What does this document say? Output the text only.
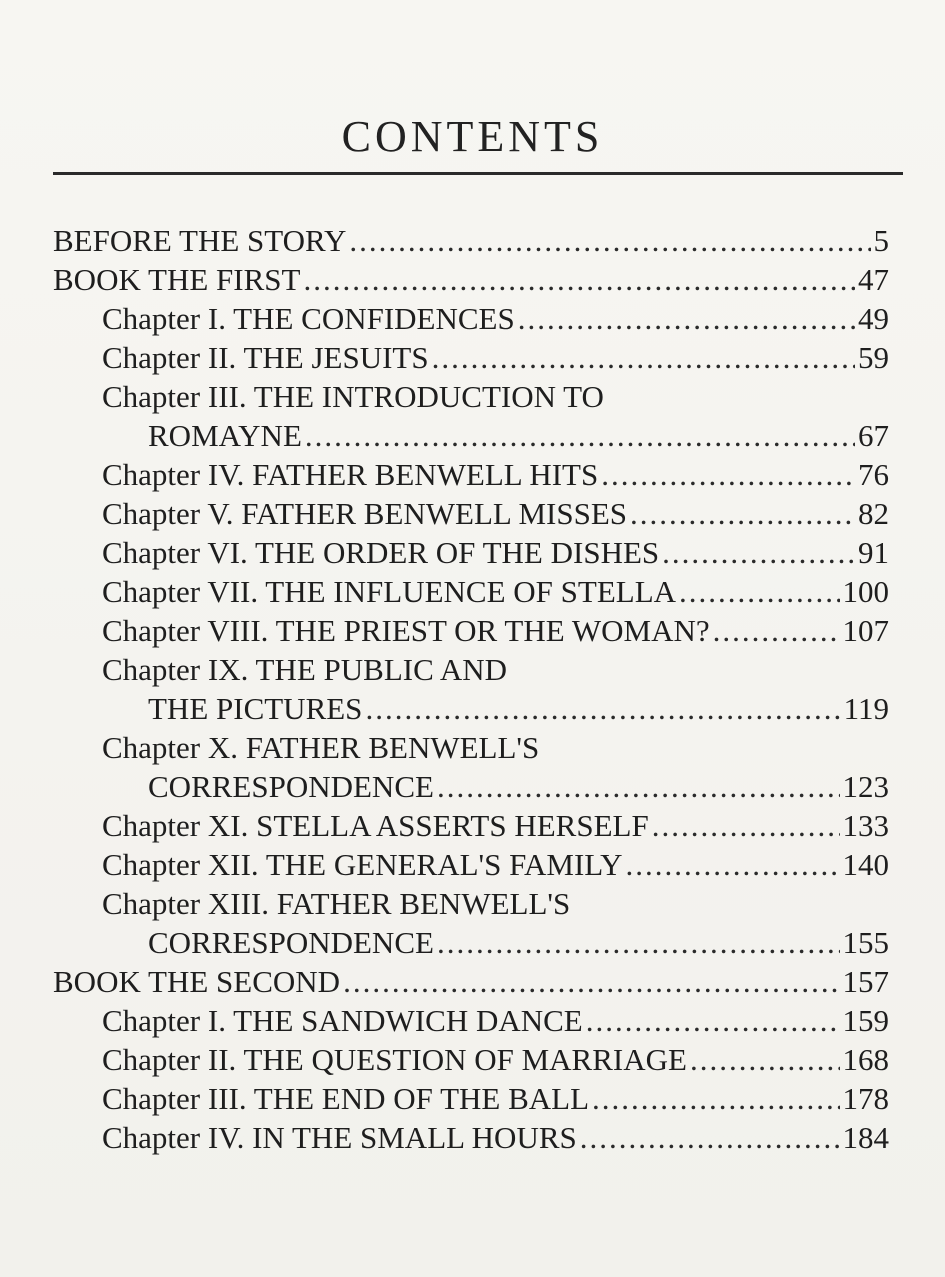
CONTENTS
BEFORE THE STORY .....	5
BOOK THE FIRST .....	47
Chapter I. THE CONFIDENCES .....	49
Chapter II. THE JESUITS .....	59
Chapter III. THE INTRODUCTION TO
ROMAYNE .....	67
Chapter IV. FATHER BENWELL HITS .....	76
Chapter V. FATHER BENWELL MISSES .....	82
Chapter VI. THE ORDER OF THE DISHES .....	91
Chapter VII. THE INFLUENCE OF STELLA .....	100
Chapter VIII. THE PRIEST OR THE WOMAN? .....	107
Chapter IX. THE PUBLIC AND
THE PICTURES .....	119
Chapter X. FATHER BENWELL'S
CORRESPONDENCE .....	123
Chapter XI. STELLA ASSERTS HERSELF .....	133
Chapter XII. THE GENERAL'S FAMILY .....	140
Chapter XIII. FATHER BENWELL'S
CORRESPONDENCE .....	155
BOOK THE SECOND .....	157
Chapter I. THE SANDWICH DANCE .....	159
Chapter II. THE QUESTION OF MARRIAGE .....	168
Chapter III. THE END OF THE BALL .....	178
Chapter IV. IN THE SMALL HOURS .....	184
